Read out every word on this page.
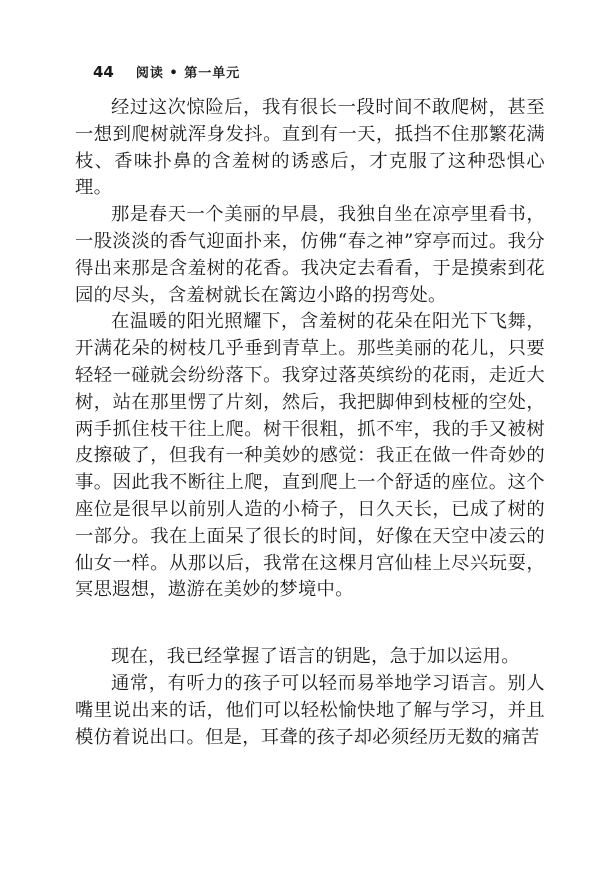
44 阅读 • 第一单元

经过这次惊险后，我有很长一段时间不敢爬树，甚至一想到爬树就浑身发抖。直到有一天，抵挡不住那繁花满枝、香味扑鼻的含羞树的诱惑后，才克服了这种恐惧心理。

那是春天一个美丽的早晨，我独自坐在凉亭里看书，一股淡淡的香气迎面扑来，仿佛“春之神”穿亭而过。我分得出来那是含羞树的花香。我决定去看看，于是摸索到花园的尽头，含羞树就长在篱边小路的拐弯处。

在温暖的阳光照耀下，含羞树的花朵在阳光下飞舞，开满花朵的树枝几乎垂到青草上。那些美丽的花儿，只要轻轻一碰就会纷纷落下。我穿过落英缤纷的花雨，走近大树，站在那里愣了片刻，然后，我把脚伸到枝桠的空处，两手抓住枝干往上爬。树干很粗，抓不牢，我的手又被树皮擦破了，但我有一种美妙的感觉：我正在做一件奇妙的事。因此我不断往上爬，直到爬上一个舒适的座位。这个座位是很早以前别人造的小椅子，日久天长，已成了树的一部分。我在上面呆了很长的时间，好像在天空中凌云的仙女一样。从那以后，我常在这棵月宫仙桂上尽兴玩耍，冥思遐想，遨游在美妙的梦境中。

现在，我已经掌握了语言的钥匙，急于加以运用。

通常，有听力的孩子可以轻而易举地学习语言。别人嘴里说出来的话，他们可以轻松愉快地了解与学习，并且模仿着说出口。但是，耳聋的孩子却必须经历无数的痛苦
